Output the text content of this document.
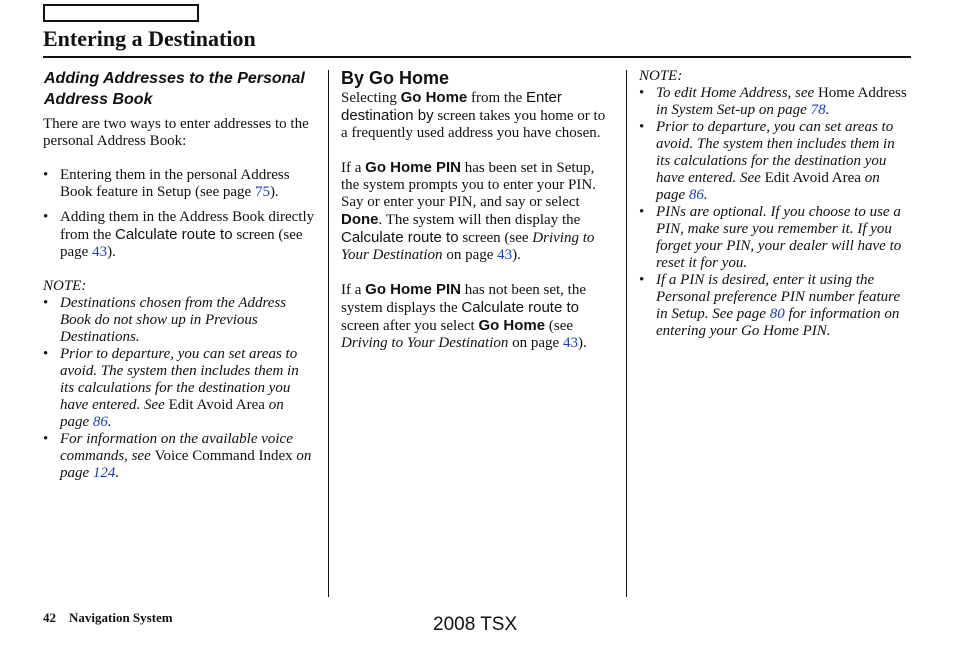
Entering a Destination
Adding Addresses to the Personal Address Book

There are two ways to enter addresses to the personal Address Book:

• Entering them in the personal Address Book feature in Setup (see page 75).
• Adding them in the Address Book directly from the Calculate route to screen (see page 43).
NOTE:
• Destinations chosen from the Address Book do not show up in Previous Destinations.
• Prior to departure, you can set areas to avoid. The system then includes them in its calculations for the destination you have entered. See Edit Avoid Area on page 86.
• For information on the available voice commands, see Voice Command Index on page 124.
By Go Home

Selecting Go Home from the Enter destination by screen takes you home or to a frequently used address you have chosen.

If a Go Home PIN has been set in Setup, the system prompts you to enter your PIN. Say or enter your PIN, and say or select Done. The system will then display the Calculate route to screen (see Driving to Your Destination on page 43).

If a Go Home PIN has not been set, the system displays the Calculate route to screen after you select Go Home (see Driving to Your Destination on page 43).

NOTE:
• To edit Home Address, see Home Address in System Set-up on page 78.
• Prior to departure, you can set areas to avoid. The system then includes them in its calculations for the destination you have entered. See Edit Avoid Area on page 86.
• PINs are optional. If you choose to use a PIN, make sure you remember it. If you forget your PIN, your dealer will have to reset it for you.
• If a PIN is desired, enter it using the Personal preference PIN number feature in Setup. See page 80 for information on entering your Go Home PIN.
42 Navigation System	2008 TSX
